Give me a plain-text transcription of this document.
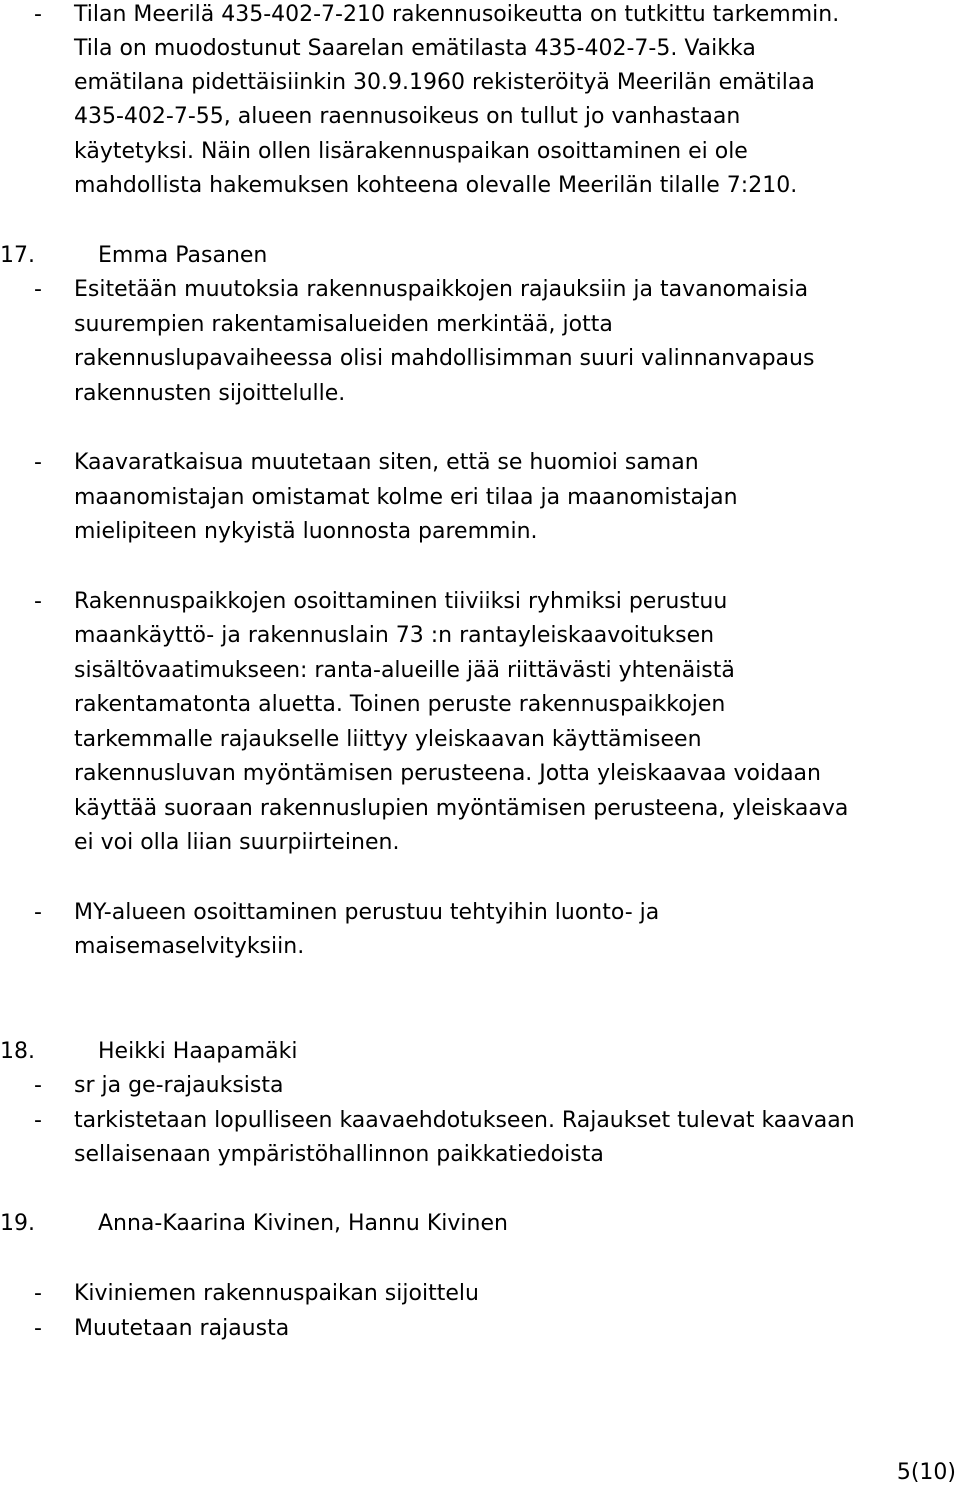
- Tilan Meerilä 435-402-7-210 rakennusoikeutta on tutkittu tarkemmin.
Tila on muodostunut Saarelan emätilasta 435-402-7-5. Vaikka
emätilana pidettäisiinkin 30.9.1960 rekisteröityä Meerilän emätilaa
435-402-7-55, alueen raennusoikeus on tullut jo vanhastaan
käytetyksi. Näin ollen lisärakennuspaikan osoittaminen ei ole
mahdollista hakemuksen kohteena olevalle Meerilän tilalle 7:210.
17.	Emma Pasanen
- Esitetään muutoksia rakennuspaikkojen rajauksiin ja tavanomaisia
suurempien rakentamisalueiden merkintää, jotta
rakennuslupavaiheessa olisi mahdollisimman suuri valinnanvapaus
rakennusten sijoittelulle.
- Kaavaratkaisua muutetaan siten, että se huomioi saman
maanomistajan omistamat kolme eri tilaa ja maanomistajan
mielipiteen nykyistä luonnosta paremmin.
- Rakennuspaikkojen osoittaminen tiiviiksi ryhmiksi perustuu
maankäyttö- ja rakennuslain 73 :n rantayleiskaavoituksen
sisältövaatimukseen: ranta-alueille jää riittävästi yhtenäistä
rakentamatonta aluetta. Toinen peruste rakennuspaikkojen
tarkemmalle rajaukselle liittyy yleiskaavan käyttämiseen
rakennusluvan myöntämisen perusteena. Jotta yleiskaavaa voidaan
käyttää suoraan rakennuslupien myöntämisen perusteena, yleiskaava
ei voi olla liian suurpiirteinen.
- MY-alueen osoittaminen perustuu tehtyihin luonto- ja
maisemaselvityksiin.
18.	Heikki Haapamäki
- sr ja ge-rajauksista
- tarkistetaan lopulliseen kaavaehdotukseen. Rajaukset tulevat kaavaan
sellaisenaan ympäristöhallinnon paikkatiedoista
19.	Anna-Kaarina Kivinen, Hannu Kivinen
- Kiviniemen rakennuspaikan sijoittelu
- Muutetaan rajausta
5(10)
